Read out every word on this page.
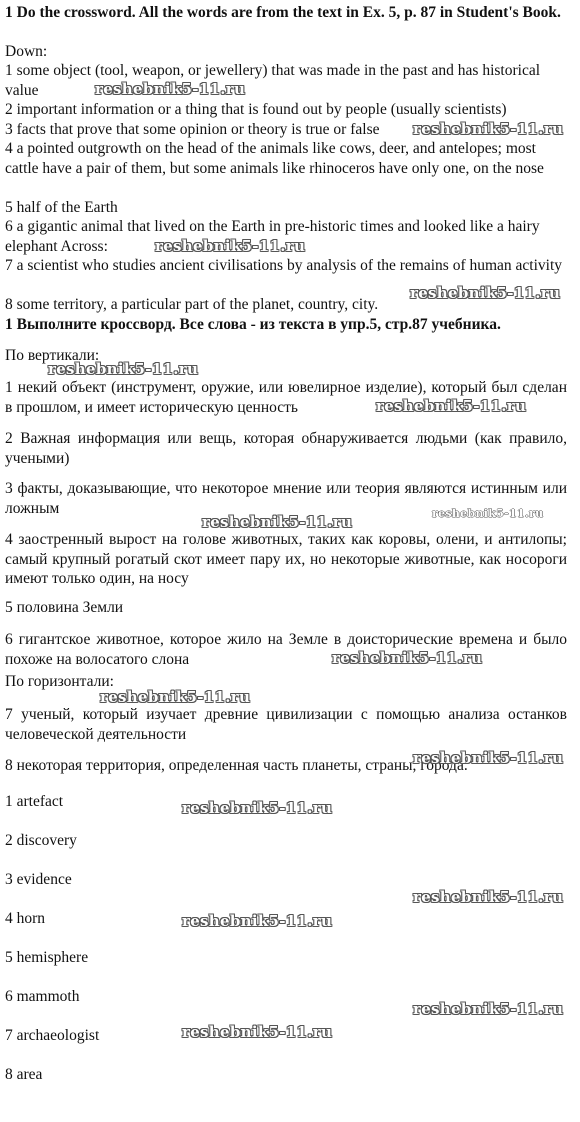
1 Do the crossword. All the words are from the text in Ex. 5, p. 87 in Student's Book.
Down:
1 some object (tool, weapon, or jewellery) that was made in the past and has historical value
2 important information or a thing that is found out by people (usually scientists)
3 facts that prove that some opinion or theory is true or false
4 a pointed outgrowth on the head of the animals like cows, deer, and antelopes; most cattle have a pair of them, but some animals like rhinoceros have only one, on the nose
5 half of the Earth
6 a gigantic animal that lived on the Earth in pre-historic times and looked like a hairy elephant Across:
7 a scientist who studies ancient civilisations by analysis of the remains of human activity
8 some territory, a particular part of the planet, country, city.
1 Выполните кроссворд. Все слова - из текста в упр.5, стр.87 учебника.
По вертикали:
1 некий объект (инструмент, оружие, или ювелирное изделие), который был сделан в прошлом, и имеет историческую ценность
2 Важная информация или вещь, которая обнаруживается людьми (как правило, учеными)
3 факты, доказывающие, что некоторое мнение или теория являются истинным или ложным
4 заостренный вырост на голове животных, таких как коровы, олени, и антилопы; самый крупный рогатый скот имеет пару их, но некоторые животные, как носороги имеют только один, на носу
5 половина Земли
6 гигантское животное, которое жило на Земле в доисторические времена и было похоже на волосатого слона
По горизонтали:
7 ученый, который изучает древние цивилизации с помощью анализа останков человеческой деятельности
8 некоторая территория, определенная часть планеты, страны, города.
1 artefact
2 discovery
3 evidence
4 horn
5 hemisphere
6 mammoth
7 archaeologist
8 area
reshebnik5-11.ru
reshebnik5-11.ru
reshebnik5-11.ru
reshebnik5-11.ru
reshebnik5-11.ru
reshebnik5-11.ru
reshebnik5-11.ru	reshebnik5-11.ru
reshebnik5-11.ru
reshebnik5-11.ru
reshebnik5-11.ru
reshebnik5-11.ru
reshebnik5-11.ru
reshebnik5-11.ru
reshebnik5-11.ru
reshebnik5-11.ru
